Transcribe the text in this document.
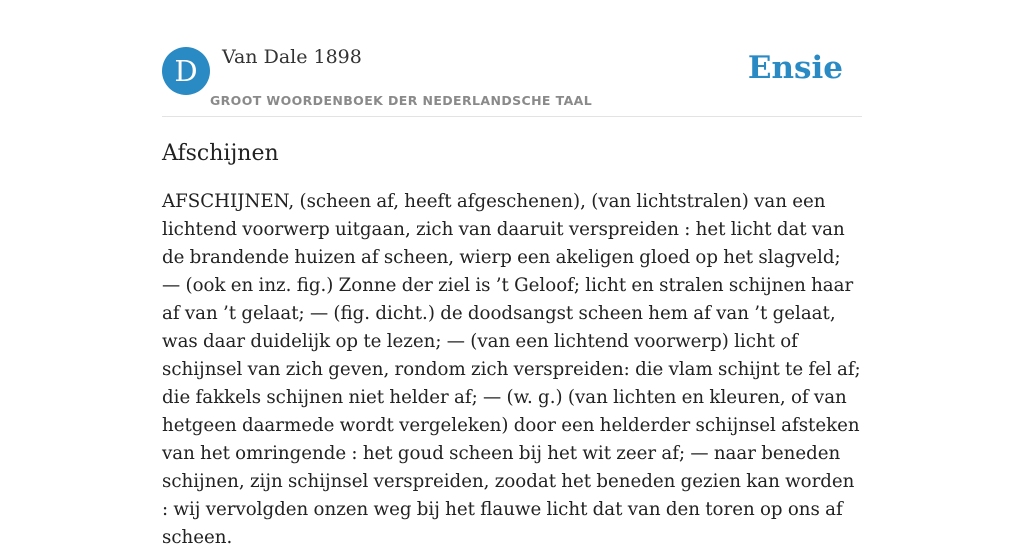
D	Van Dale 1898
GROOT WOORDENBOEK DER NEDERLANDSCHE TAAL
Ensie
Afschijnen

AFSCHIJNEN, (scheen af, heeft afgeschenen), (van lichtstralen) van een lichtend voorwerp uitgaan, zich van daaruit verspreiden : het licht dat van de brandende huizen af scheen, wierp een akeligen gloed op het slagveld; — (ook en inz. fig.) Zonne der ziel is ’t Geloof; licht en stralen schijnen haar af van ’t gelaat; — (fig. dicht.) de doodsangst scheen hem af van ’t gelaat, was daar duidelijk op te lezen; — (van een lichtend voorwerp) licht of schijnsel van zich geven, rondom zich verspreiden: die vlam schijnt te fel af; die fakkels schijnen niet helder af; — (w. g.) (van lichten en kleuren, of van hetgeen daarmede wordt vergeleken) door een helderder schijnsel afsteken van het omringende : het goud scheen bij het wit zeer af; — naar beneden schijnen, zijn schijnsel verspreiden, zoodat het beneden gezien kan worden : wij vervolgden onzen weg bij het flauwe licht dat van den toren op ons af scheen.
